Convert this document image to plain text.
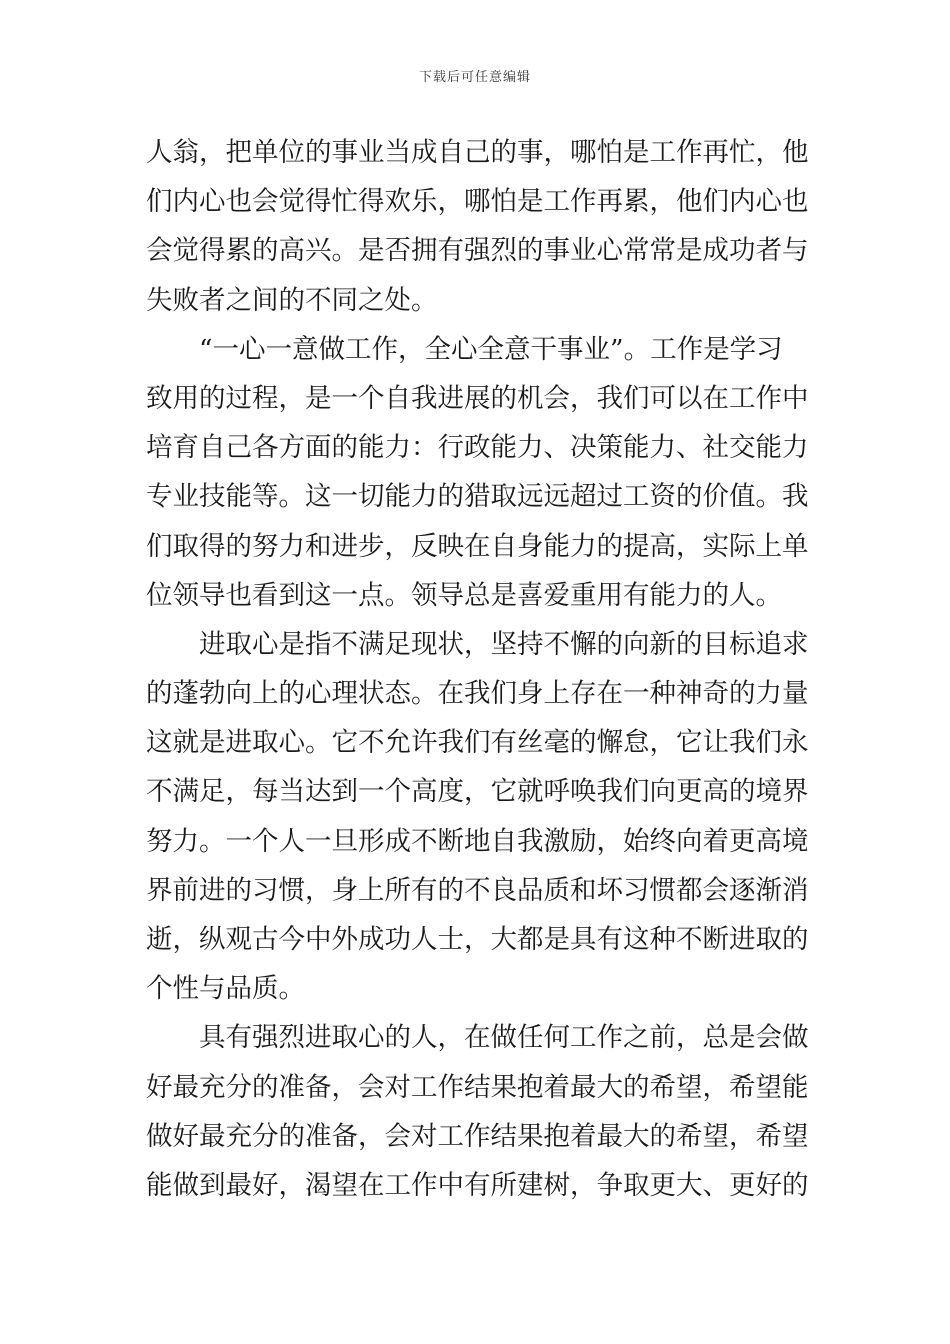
下载后可任意编辑
人翁，把单位的事业当成自己的事，哪怕是工作再忙，他
们内心也会觉得忙得欢乐，哪怕是工作再累，他们内心也
会觉得累的高兴。是否拥有强烈的事业心常常是成功者与
失败者之间的不同之处。
“一心一意做工作，全心全意干事业”。工作是学习
致用的过程，是一个自我进展的机会，我们可以在工作中
培育自己各方面的能力：行政能力、决策能力、社交能力
专业技能等。这一切能力的猎取远远超过工资的价值。我
们取得的努力和进步，反映在自身能力的提高，实际上单
位领导也看到这一点。领导总是喜爱重用有能力的人。
进取心是指不满足现状，坚持不懈的向新的目标追求
的蓬勃向上的心理状态。在我们身上存在一种神奇的力量
这就是进取心。它不允许我们有丝毫的懈怠，它让我们永
不满足，每当达到一个高度，它就呼唤我们向更高的境界
努力。一个人一旦形成不断地自我激励，始终向着更高境
界前进的习惯，身上所有的不良品质和坏习惯都会逐渐消
逝，纵观古今中外成功人士，大都是具有这种不断进取的
个性与品质。
具有强烈进取心的人，在做任何工作之前，总是会做
好最充分的准备，会对工作结果抱着最大的希望，希望能
做好最充分的准备，会对工作结果抱着最大的希望，希望
能做到最好，渴望在工作中有所建树，争取更大、更好的
